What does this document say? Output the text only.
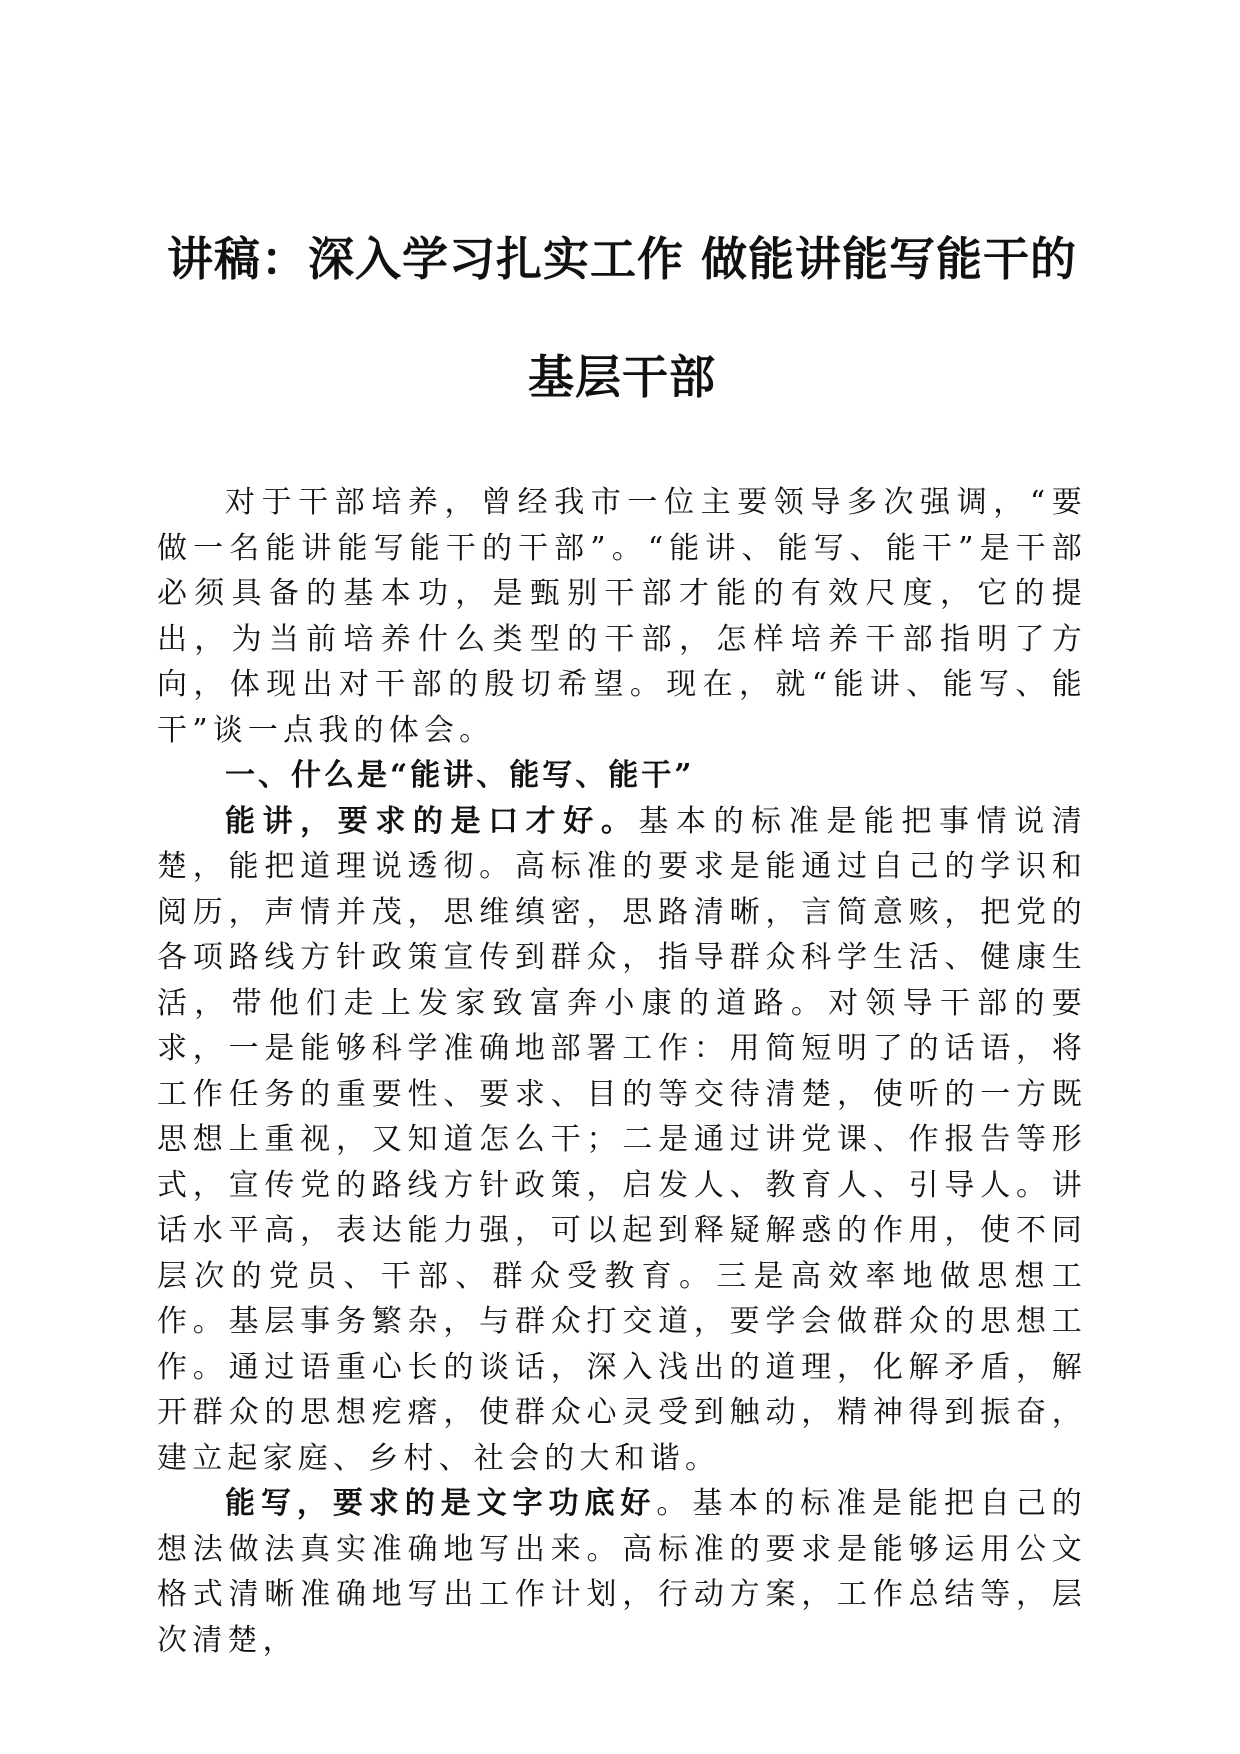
讲稿：深入学习扎实工作 做能讲能写能干的
基层干部

对于干部培养，曾经我市一位主要领导多次强调，“要做一名能讲能写能干的干部”。“能讲、能写、能干”是干部必须具备的基本功，是甄别干部才能的有效尺度，它的提出，为当前培养什么类型的干部，怎样培养干部指明了方向，体现出对干部的殷切希望。现在，就“能讲、能写、能干”谈一点我的体会。

一、什么是“能讲、能写、能干”

能讲，要求的是口才好。基本的标准是能把事情说清楚，能把道理说透彻。高标准的要求是能通过自己的学识和阅历，声情并茂，思维缜密，思路清晰，言简意赅，把党的各项路线方针政策宣传到群众，指导群众科学生活、健康生活，带他们走上发家致富奔小康的道路。对领导干部的要求，一是能够科学准确地部署工作：用简短明了的话语，将工作任务的重要性、要求、目的等交待清楚，使听的一方既思想上重视，又知道怎么干；二是通过讲党课、作报告等形式，宣传党的路线方针政策，启发人、教育人、引导人。讲话水平高，表达能力强，可以起到释疑解惑的作用，使不同层次的党员、干部、群众受教育。三是高效率地做思想工作。基层事务繁杂，与群众打交道，要学会做群众的思想工作。通过语重心长的谈话，深入浅出的道理，化解矛盾，解开群众的思想疙瘩，使群众心灵受到触动，精神得到振奋，建立起家庭、乡村、社会的大和谐。

能写，要求的是文字功底好。基本的标准是能把自己的想法做法真实准确地写出来。高标准的要求是能够运用公文格式清晰准确地写出工作计划，行动方案，工作总结等，层次清楚，
